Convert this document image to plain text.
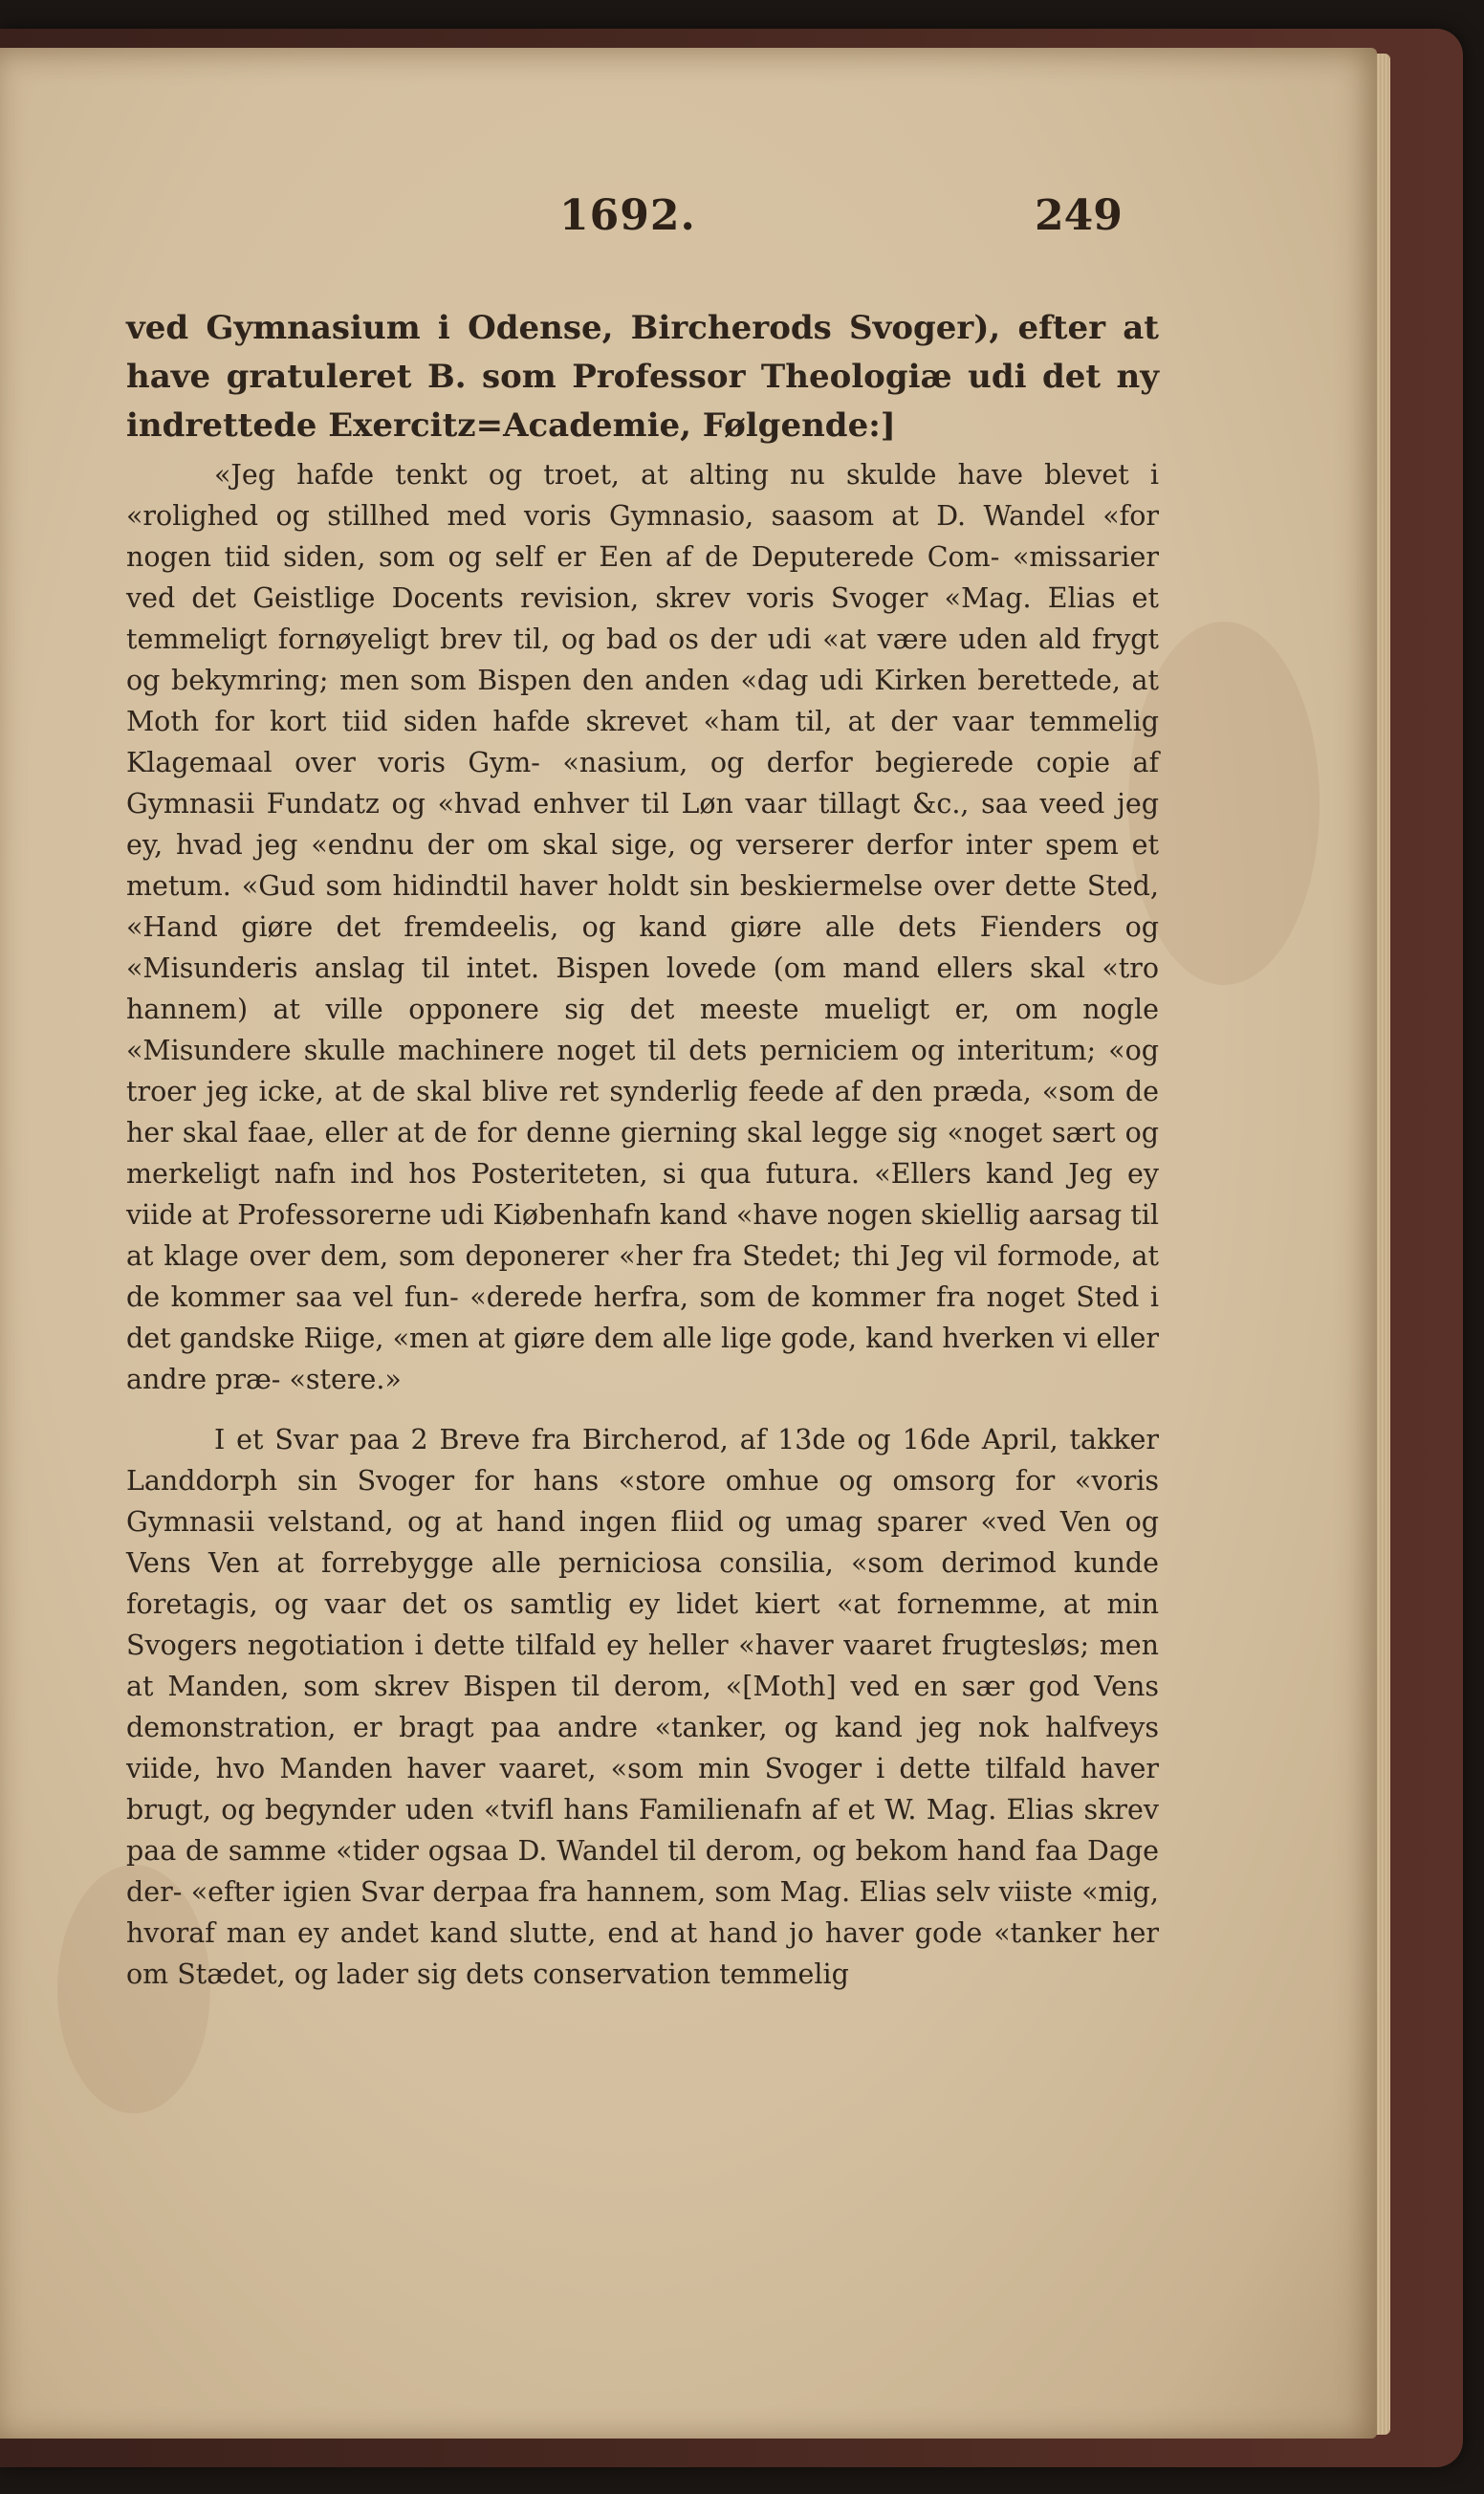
1692.	249

ved Gymnasium i Odense, Bircherods Svoger), efter at have gratuleret B. som Professor Theologiæ udi det ny indrettede Exercitz=Academie, Følgende:]

«Jeg hafde tenkt og troet, at alting nu skulde have blevet i «rolighed og stillhed med voris Gymnasio, saasom at D. Wandel «for nogen tiid siden, som og self er Een af de Deputerede Com- «missarier ved det Geistlige Docents revision, skrev voris Svoger «Mag. Elias et temmeligt fornøyeligt brev til, og bad os der udi «at være uden ald frygt og bekymring; men som Bispen den anden «dag udi Kirken berettede, at Moth for kort tiid siden hafde skrevet «ham til, at der vaar temmelig Klagemaal over voris Gym- «nasium, og derfor begierede copie af Gymnasii Fundatz og «hvad enhver til Løn vaar tillagt &c., saa veed jeg ey, hvad jeg «endnu der om skal sige, og verserer derfor inter spem et metum. «Gud som hidindtil haver holdt sin beskiermelse over dette Sted, «Hand giøre det fremdeelis, og kand giøre alle dets Fienders og «Misunderis anslag til intet. Bispen lovede (om mand ellers skal «tro hannem) at ville opponere sig det meeste mueligt er, om nogle «Misundere skulle machinere noget til dets perniciem og interitum; «og troer jeg icke, at de skal blive ret synderlig feede af den præda, «som de her skal faae, eller at de for denne gierning skal legge sig «noget sært og merkeligt nafn ind hos Posteriteten, si qua futura. «Ellers kand Jeg ey viide at Professorerne udi Kiøbenhafn kand «have nogen skiellig aarsag til at klage over dem, som deponerer «her fra Stedet; thi Jeg vil formode, at de kommer saa vel fun- «derede herfra, som de kommer fra noget Sted i det gandske Riige, «men at giøre dem alle lige gode, kand hverken vi eller andre præ- «stere.»

I et Svar paa 2 Breve fra Bircherod, af 13de og 16de April, takker Landdorph sin Svoger for hans «store omhue og omsorg for «voris Gymnasii velstand, og at hand ingen fliid og umag sparer «ved Ven og Vens Ven at forrebygge alle perniciosa consilia, «som derimod kunde foretagis, og vaar det os samtlig ey lidet kiert «at fornemme, at min Svogers negotiation i dette tilfald ey heller «haver vaaret frugtesløs; men at Manden, som skrev Bispen til derom, «[Moth] ved en sær god Vens demonstration, er bragt paa andre «tanker, og kand jeg nok halfveys viide, hvo Manden haver vaaret, «som min Svoger i dette tilfald haver brugt, og begynder uden «tvifl hans Familienafn af et W. Mag. Elias skrev paa de samme «tider ogsaa D. Wandel til derom, og bekom hand faa Dage der- «efter igien Svar derpaa fra hannem, som Mag. Elias selv viiste «mig, hvoraf man ey andet kand slutte, end at hand jo haver gode «tanker her om Stædet, og lader sig dets conservation temmelig
